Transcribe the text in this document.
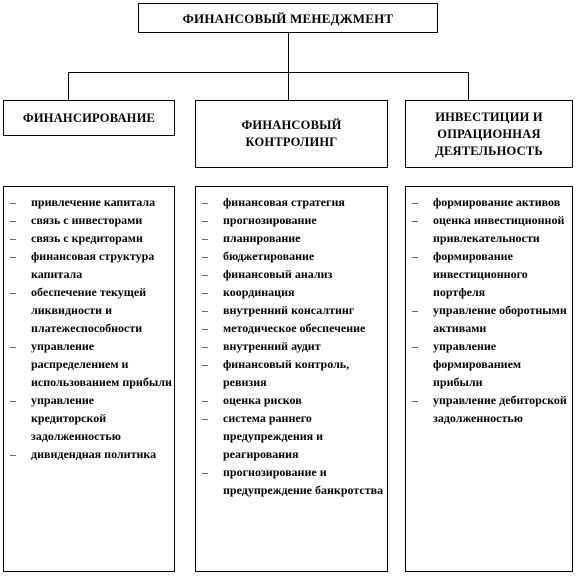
ФИНАНСОВЫЙ МЕНЕДЖМЕНТ
ФИНАНСИРОВАНИЕ
ФИНАНСОВЫЙ
КОНТРОЛИНГ
ИНВЕСТИЦИИ И
ОПРАЦИОННАЯ
ДЕЯТЕЛЬНОСТЬ
– привлечение капитала
– связь с инвесторами
– связь с кредиторами
– финансовая структура капитала
– обеспечение текущей ликвидности и платежеспособности
– управление распределением и использованием прибыли
– управление кредиторской задолженностью
– дивидендная политика
– финансовая стратегия
– прогнозирование
– планирование
– бюджетирование
– финансовый анализ
– координация
– внутренний консалтинг
– методическое обеспечение
– внутренний аудит
– финансовый контроль, ревизия
– оценка рисков
– система раннего предупреждения и реагирования
– прогнозирование и предупреждение банкротства
– формирование активов
– оценка инвестиционной привлекательности
– формирование инвестиционного портфеля
– управление оборотными активами
– управление формированием прибыли
– управление дебиторской задолженностью
